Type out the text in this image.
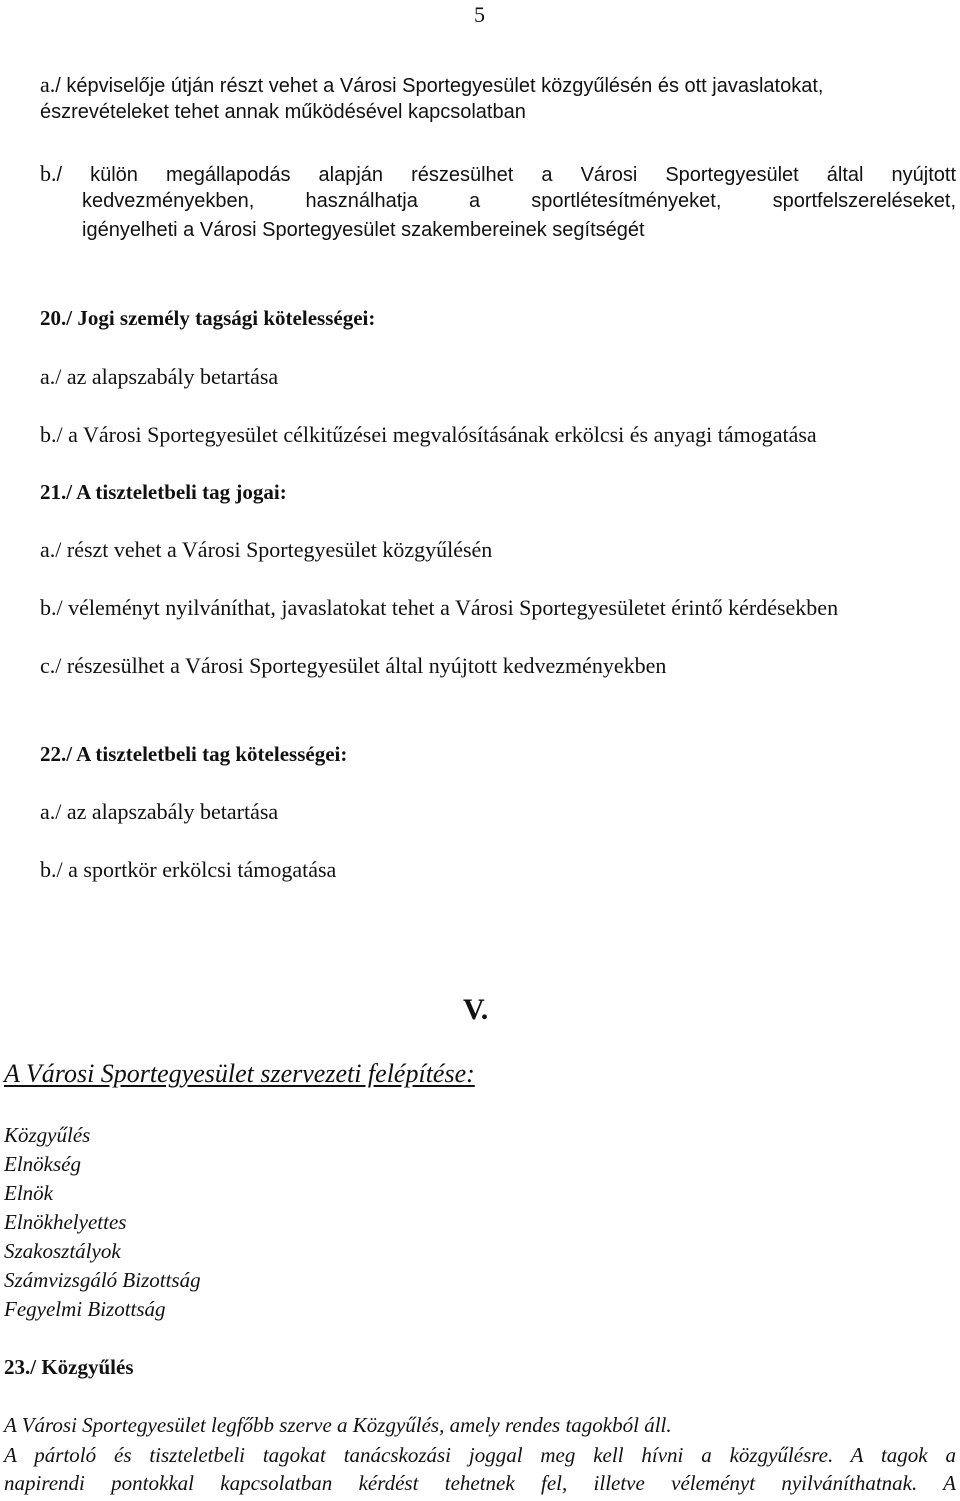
5
a./ képviselője útján részt vehet a Városi Sportegyesület közgyűlésén és ott javaslatokat,
észrevételeket tehet annak működésével kapcsolatban
b./ külön megállapodás alapján részesülhet a Városi Sportegyesület által nyújtott
kedvezményekben, használhatja a sportlétesítményeket, sportfelszereléseket,
igényelheti a Városi Sportegyesület szakembereinek segítségét
20./ Jogi személy tagsági kötelességei:
a./ az alapszabály betartása
b./ a Városi Sportegyesület célkitűzései megvalósításának erkölcsi és anyagi támogatása
21./ A tiszteletbeli tag jogai:
a./ részt vehet a Városi Sportegyesület közgyűlésén
b./ véleményt nyilváníthat, javaslatokat tehet a Városi Sportegyesületet érintő kérdésekben
c./ részesülhet a Városi Sportegyesület által nyújtott kedvezményekben
22./ A tiszteletbeli tag kötelességei:
a./ az alapszabály betartása
b./ a sportkör erkölcsi támogatása
V.
A Városi Sportegyesület szervezeti felépítése:
Közgyűlés
Elnökség
Elnök
Elnökhelyettes
Szakosztályok
Számvizsgáló Bizottság
Fegyelmi Bizottság
23./ Közgyűlés
A Városi Sportegyesület legfőbb szerve a Közgyűlés, amely rendes tagokból áll.
A pártoló és tiszteletbeli tagokat tanácskozási joggal meg kell hívni a közgyűlésre. A tagok a
napirendi pontokkal kapcsolatban kérdést tehetnek fel, illetve véleményt nyilváníthatnak. A
